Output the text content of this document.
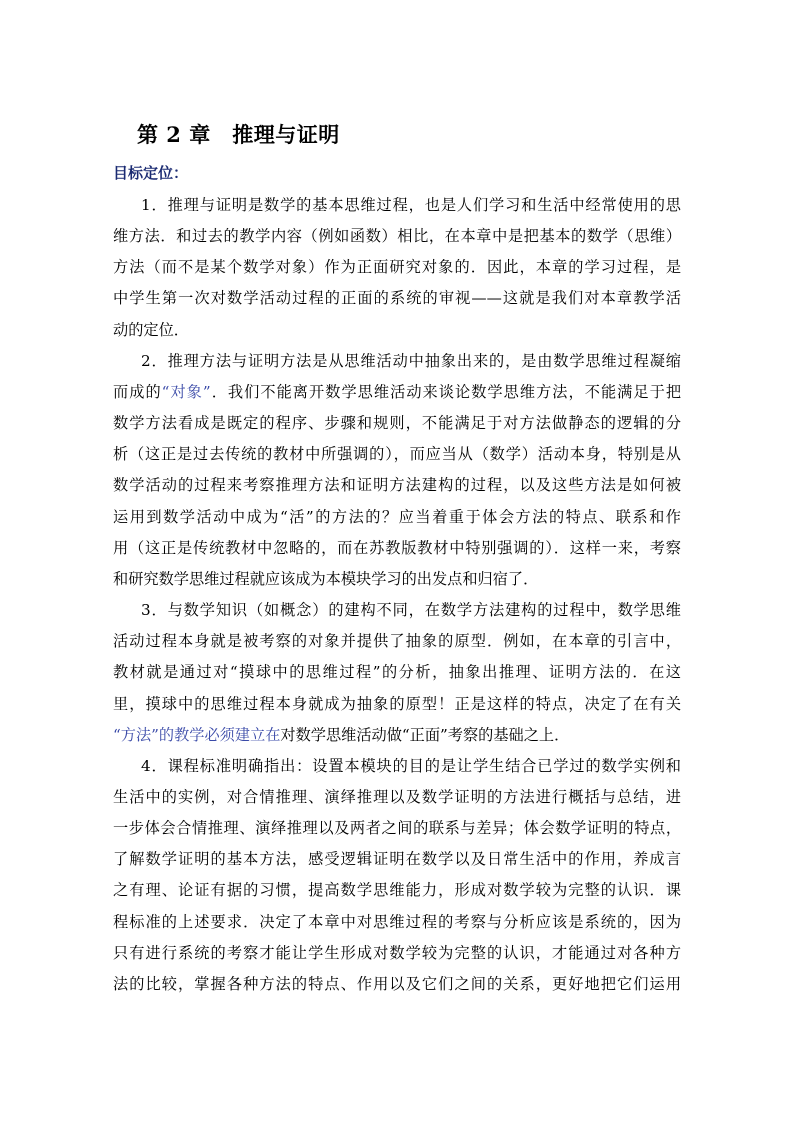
第 2 章　推理与证明
目标定位：
1．推理与证明是数学的基本思维过程，也是人们学习和生活中经常使用的思
维方法．和过去的教学内容（例如函数）相比，在本章中是把基本的数学（思维）
方法（而不是某个数学对象）作为正面研究对象的．因此，本章的学习过程，是
中学生第一次对数学活动过程的正面的系统的审视——这就是我们对本章教学活
动的定位．
2．推理方法与证明方法是从思维活动中抽象出来的，是由数学思维过程凝缩
而成的“对象”．我们不能离开数学思维活动来谈论数学思维方法，不能满足于把
数学方法看成是既定的程序、步骤和规则，不能满足于对方法做静态的逻辑的分
析（这正是过去传统的教材中所强调的），而应当从（数学）活动本身，特别是从
数学活动的过程来考察推理方法和证明方法建构的过程，以及这些方法是如何被
运用到数学活动中成为“活”的方法的？应当着重于体会方法的特点、联系和作
用（这正是传统教材中忽略的，而在苏教版教材中特别强调的）．这样一来，考察
和研究数学思维过程就应该成为本模块学习的出发点和归宿了．
3．与数学知识（如概念）的建构不同，在数学方法建构的过程中，数学思维
活动过程本身就是被考察的对象并提供了抽象的原型．例如，在本章的引言中，
教材就是通过对“摸球中的思维过程”的分析，抽象出推理、证明方法的．在这
里，摸球中的思维过程本身就成为抽象的原型！正是这样的特点，决定了在有关
“方法”的教学必须建立在对数学思维活动做“正面”考察的基础之上．
4．课程标准明确指出：设置本模块的目的是让学生结合已学过的数学实例和
生活中的实例，对合情推理、演绎推理以及数学证明的方法进行概括与总结，进
一步体会合情推理、演绎推理以及两者之间的联系与差异；体会数学证明的特点，
了解数学证明的基本方法，感受逻辑证明在数学以及日常生活中的作用，养成言
之有理、论证有据的习惯，提高数学思维能力，形成对数学较为完整的认识．课
程标准的上述要求．决定了本章中对思维过程的考察与分析应该是系统的，因为
只有进行系统的考察才能让学生形成对数学较为完整的认识，才能通过对各种方
法的比较，掌握各种方法的特点、作用以及它们之间的关系，更好地把它们运用
